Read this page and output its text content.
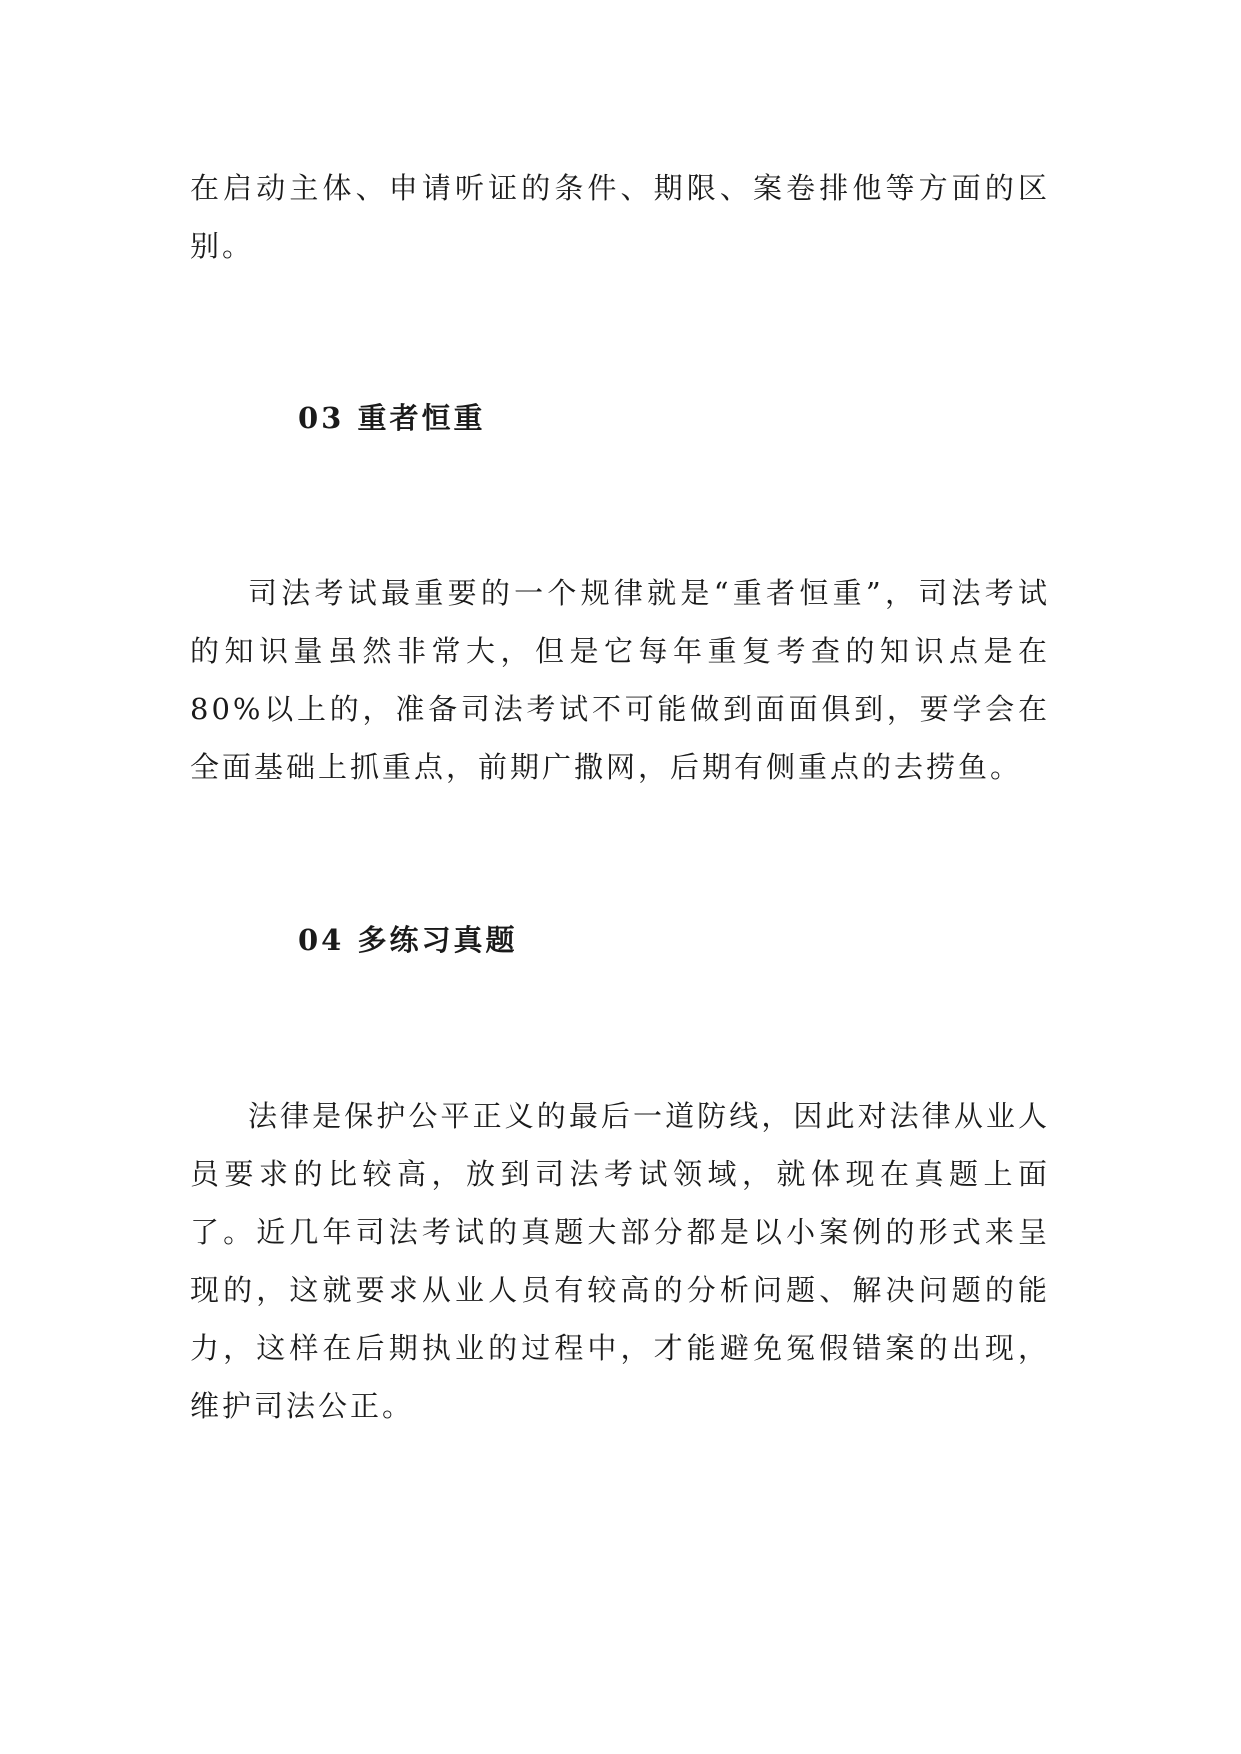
在启动主体、申请听证的条件、期限、案卷排他等方面的区别。

03 重者恒重

司法考试最重要的一个规律就是“重者恒重”，司法考试的知识量虽然非常大，但是它每年重复考查的知识点是在80%以上的，准备司法考试不可能做到面面俱到，要学会在全面基础上抓重点，前期广撒网，后期有侧重点的去捞鱼。

04 多练习真题

法律是保护公平正义的最后一道防线，因此对法律从业人员要求的比较高，放到司法考试领域，就体现在真题上面了。近几年司法考试的真题大部分都是以小案例的形式来呈现的，这就要求从业人员有较高的分析问题、解决问题的能力，这样在后期执业的过程中，才能避免冤假错案的出现，维护司法公正。
